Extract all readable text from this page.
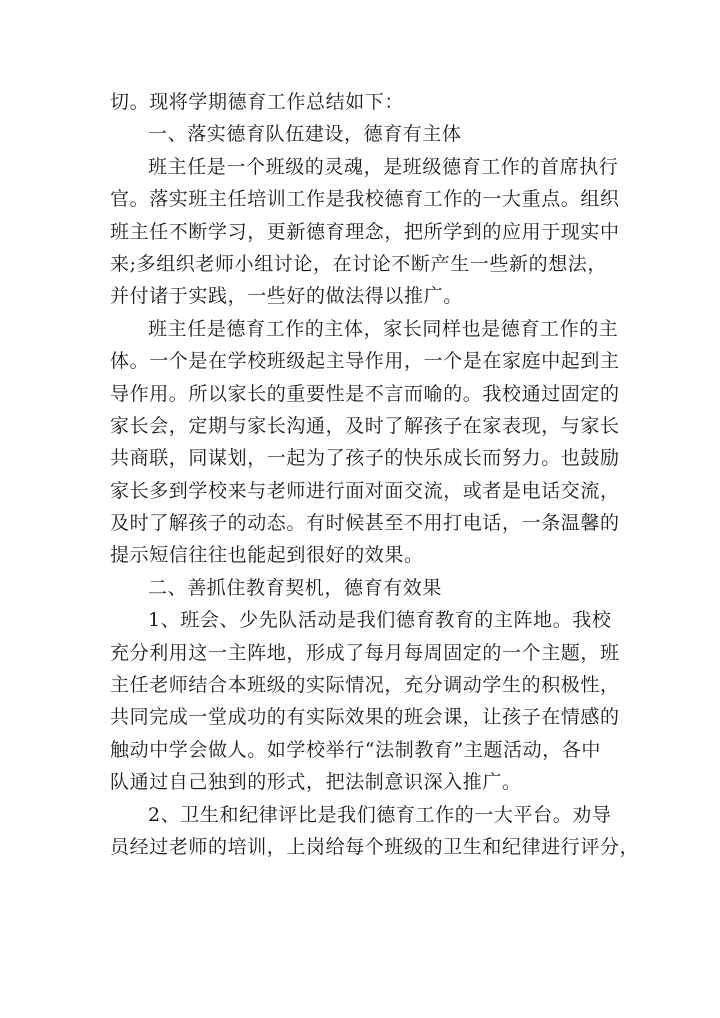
切。现将学期德育工作总结如下：
一、落实德育队伍建设，德育有主体
班主任是一个班级的灵魂，是班级德育工作的首席执行
官。落实班主任培训工作是我校德育工作的一大重点。组织
班主任不断学习，更新德育理念，把所学到的应用于现实中
来;多组织老师小组讨论，在讨论不断产生一些新的想法，
并付诸于实践，一些好的做法得以推广。
班主任是德育工作的主体，家长同样也是德育工作的主
体。一个是在学校班级起主导作用，一个是在家庭中起到主
导作用。所以家长的重要性是不言而喻的。我校通过固定的
家长会，定期与家长沟通，及时了解孩子在家表现，与家长
共商联，同谋划，一起为了孩子的快乐成长而努力。也鼓励
家长多到学校来与老师进行面对面交流，或者是电话交流，
及时了解孩子的动态。有时候甚至不用打电话，一条温馨的
提示短信往往也能起到很好的效果。
二、善抓住教育契机，德育有效果
1、班会、少先队活动是我们德育教育的主阵地。我校
充分利用这一主阵地，形成了每月每周固定的一个主题，班
主任老师结合本班级的实际情况，充分调动学生的积极性，
共同完成一堂成功的有实际效果的班会课，让孩子在情感的
触动中学会做人。如学校举行“法制教育”主题活动，各中
队通过自己独到的形式，把法制意识深入推广。
2、卫生和纪律评比是我们德育工作的一大平台。劝导
员经过老师的培训，上岗给每个班级的卫生和纪律进行评分，
